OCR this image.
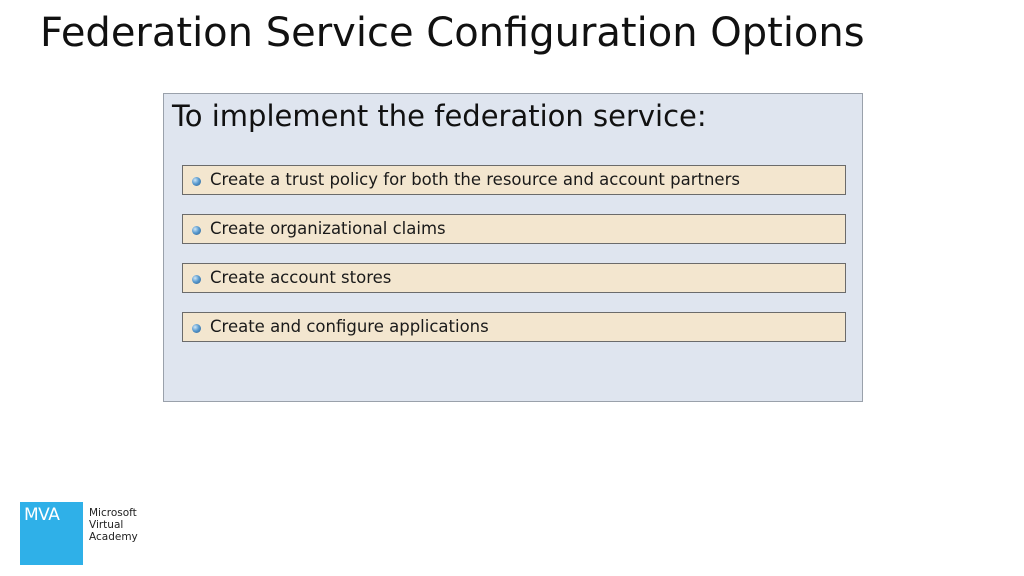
Federation Service Configuration Options
To implement the federation service:
Create a trust policy for both the resource and account partners
Create organizational claims
Create account stores
Create and configure applications
MVA	Microsoft
Virtual
Academy
